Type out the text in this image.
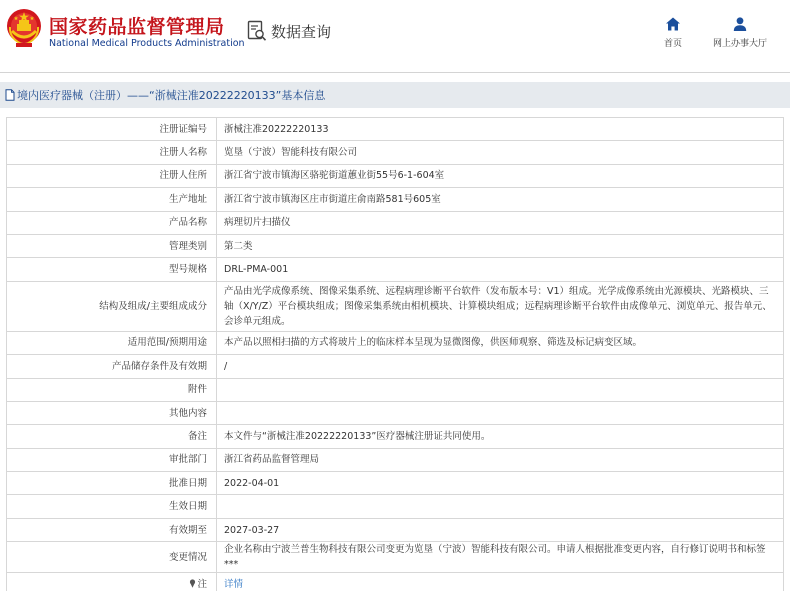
国家药品监督管理局
National Medical Products Administration
数据查询
首页	网上办事大厅
境内医疗器械（注册）——“浙械注准20222220133”基本信息
注册证编号	浙械注准20222220133
注册人名称	览垦（宁波）智能科技有限公司
注册人住所	浙江省宁波市镇海区骆驼街道蕙业街55号6-1-604室
生产地址	浙江省宁波市镇海区庄市街道庄俞南路581号605室
产品名称	病理切片扫描仪
管理类别	第二类
型号规格	DRL-PMA-001
结构及组成/主要组成成分	产品由光学成像系统、图像采集系统、远程病理诊断平台软件（发布版本号：V1）组成。光学成像系统由光源模块、光路模块、三轴（X/Y/Z）平台模块组成；图像采集系统由相机模块、计算模块组成；远程病理诊断平台软件由成像单元、浏览单元、报告单元、会诊单元组成。
适用范围/预期用途	本产品以照相扫描的方式将玻片上的临床样本呈现为显微图像，供医师观察、筛选及标记病变区域。
产品储存条件及有效期	/
附件	
其他内容	
备注	本文件与“浙械注准20222220133”医疗器械注册证共同使用。
审批部门	浙江省药品监督管理局
批准日期	2022-04-01
生效日期	
有效期至	2027-03-27
变更情况	企业名称由宁波兰普生物科技有限公司变更为览垦（宁波）智能科技有限公司。申请人根据批准变更内容，自行修订说明书和标签***
注	详情
